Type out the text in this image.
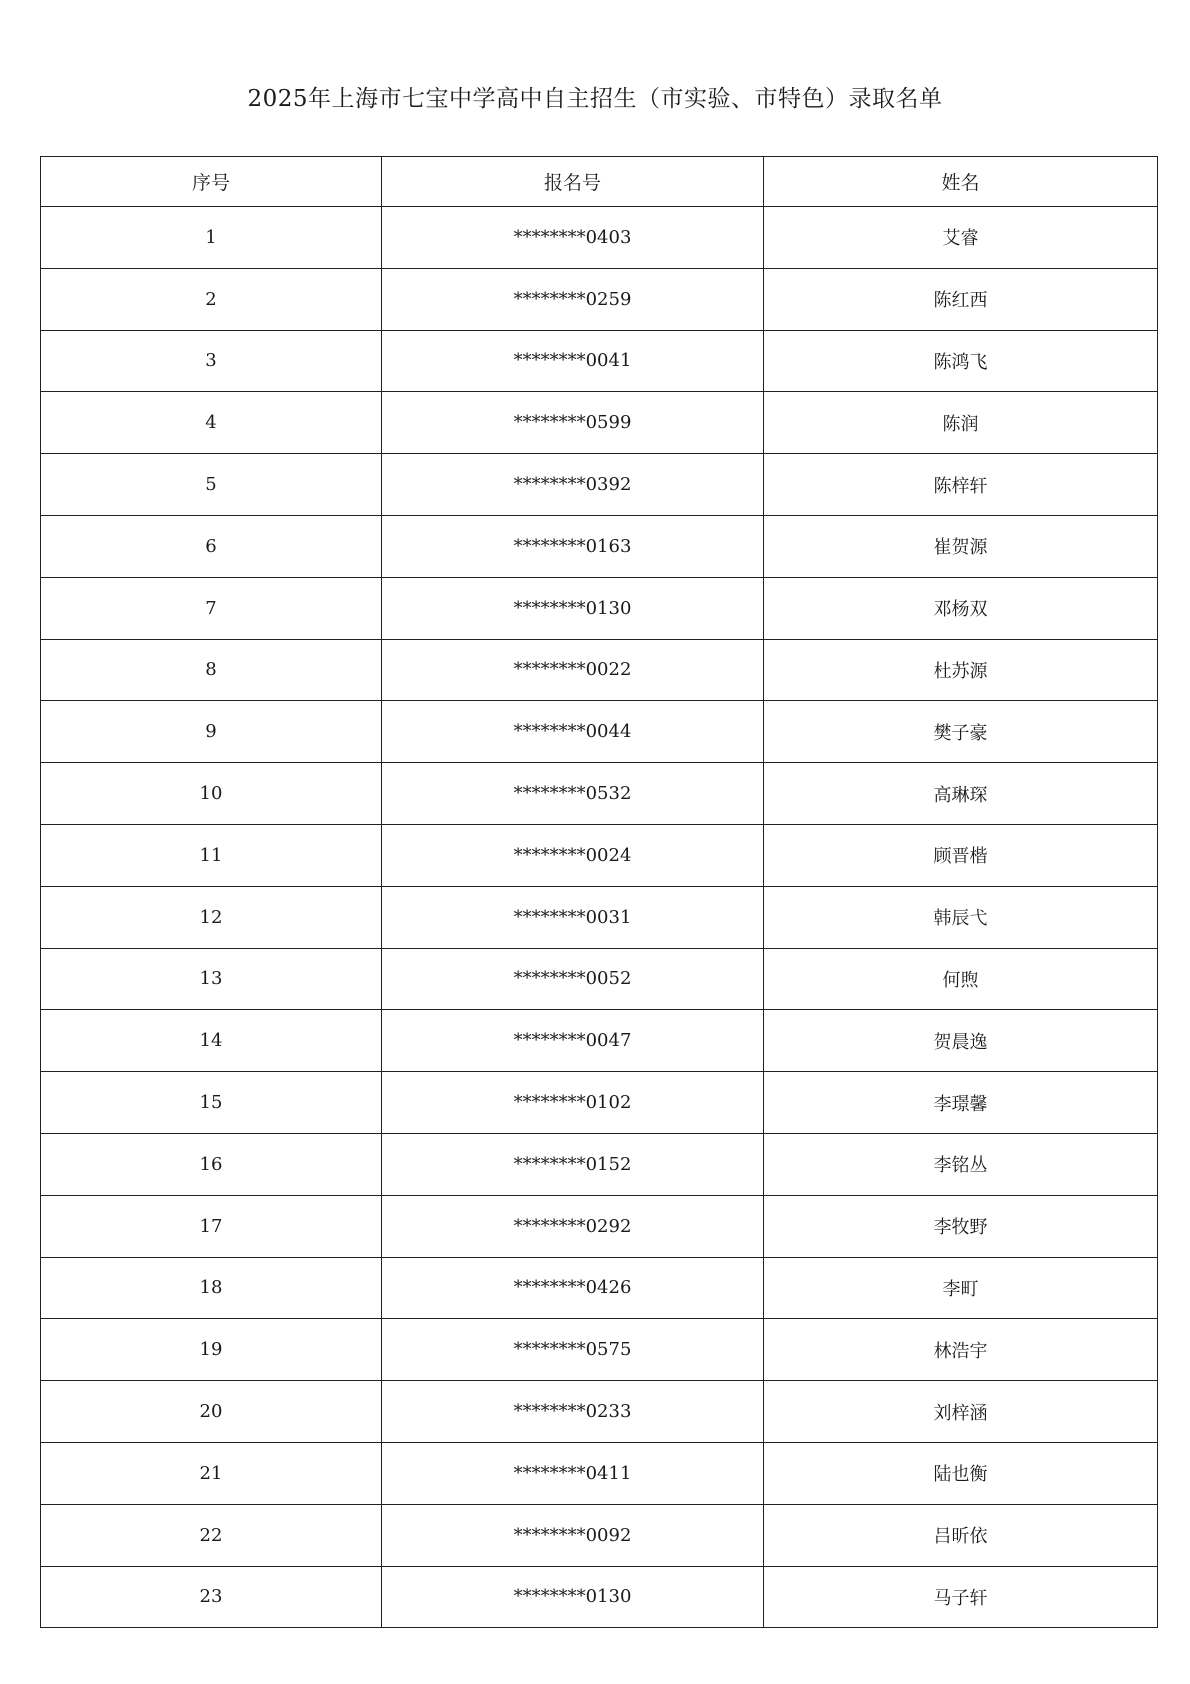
2025年上海市七宝中学高中自主招生（市实验、市特色）录取名单
序号	报名号	姓名
1	********0403	艾睿
2	********0259	陈红西
3	********0041	陈鸿飞
4	********0599	陈润
5	********0392	陈梓轩
6	********0163	崔贺源
7	********0130	邓杨双
8	********0022	杜苏源
9	********0044	樊子豪
10	********0532	高琳琛
11	********0024	顾晋楷
12	********0031	韩辰弋
13	********0052	何煦
14	********0047	贺晨逸
15	********0102	李璟馨
16	********0152	李铭丛
17	********0292	李牧野
18	********0426	李町
19	********0575	林浩宇
20	********0233	刘梓涵
21	********0411	陆也衡
22	********0092	吕昕依
23	********0130	马子轩
